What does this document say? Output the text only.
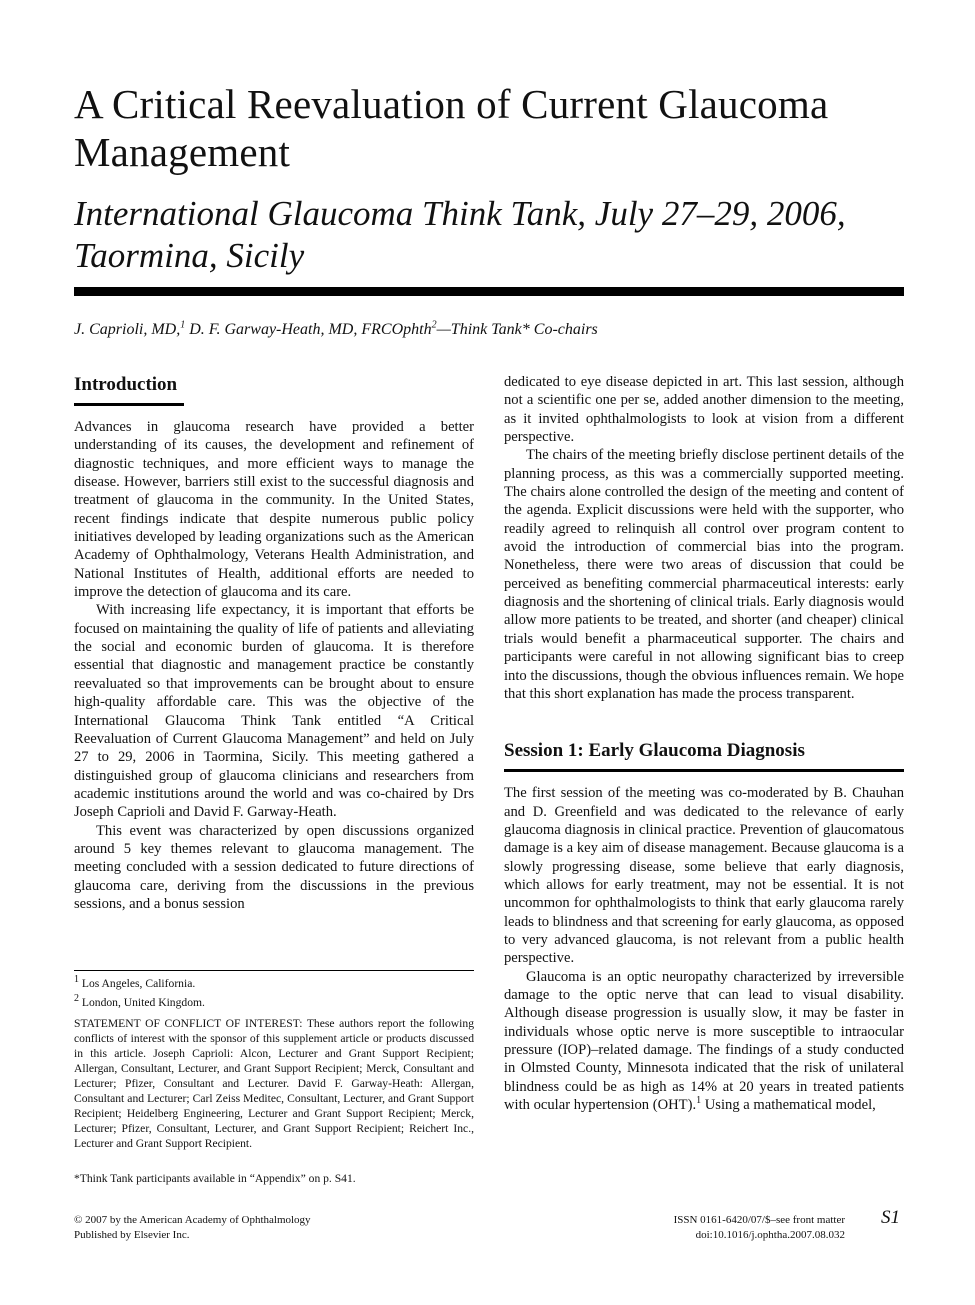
A Critical Reevaluation of Current Glaucoma Management
International Glaucoma Think Tank, July 27–29, 2006, Taormina, Sicily
J. Caprioli, MD,$^1$ D. F. Garway-Heath, MD, FRCOphth$^2$—Think Tank* Co-chairs
Introduction

Advances in glaucoma research have provided a better understanding of its causes, the development and refinement of diagnostic techniques, and more efficient ways to manage the disease. However, barriers still exist to the successful diagnosis and treatment of glaucoma in the community. In the United States, recent findings indicate that despite numerous public policy initiatives developed by leading organizations such as the American Academy of Ophthalmology, Veterans Health Administration, and National Institutes of Health, additional efforts are needed to improve the detection of glaucoma and its care.

With increasing life expectancy, it is important that efforts be focused on maintaining the quality of life of patients and alleviating the social and economic burden of glaucoma. It is therefore essential that diagnostic and management practice be constantly reevaluated so that improvements can be brought about to ensure high-quality affordable care. This was the objective of the International Glaucoma Think Tank entitled “A Critical Reevaluation of Current Glaucoma Management” and held on July 27 to 29, 2006 in Taormina, Sicily. This meeting gathered a distinguished group of glaucoma clinicians and researchers from academic institutions around the world and was co-chaired by Drs Joseph Caprioli and David F. Garway-Heath.

This event was characterized by open discussions organized around 5 key themes relevant to glaucoma management. The meeting concluded with a session dedicated to future directions of glaucoma care, deriving from the discussions in the previous sessions, and a bonus session

$^1$ Los Angeles, California.
$^2$ London, United Kingdom.
STATEMENT OF CONFLICT OF INTEREST: These authors report the following conflicts of interest with the sponsor of this supplement article or products discussed in this article. Joseph Caprioli: Alcon, Lecturer and Grant Support Recipient; Allergan, Consultant, Lecturer, and Grant Support Recipient; Merck, Consultant and Lecturer; Pfizer, Consultant and Lecturer. David F. Garway-Heath: Allergan, Consultant and Lecturer; Carl Zeiss Meditec, Consultant, Lecturer, and Grant Support Recipient; Heidelberg Engineering, Lecturer and Grant Support Recipient; Merck, Lecturer; Pfizer, Consultant, Lecturer, and Grant Support Recipient; Reichert Inc., Lecturer and Grant Support Recipient.
*Think Tank participants available in “Appendix” on p. S41.

dedicated to eye disease depicted in art. This last session, although not a scientific one per se, added another dimension to the meeting, as it invited ophthalmologists to look at vision from a different perspective.

The chairs of the meeting briefly disclose pertinent details of the planning process, as this was a commercially supported meeting. The chairs alone controlled the design of the meeting and content of the agenda. Explicit discussions were held with the supporter, who readily agreed to relinquish all control over program content to avoid the introduction of commercial bias into the program. Nonetheless, there were two areas of discussion that could be perceived as benefiting commercial pharmaceutical interests: early diagnosis and the shortening of clinical trials. Early diagnosis would allow more patients to be treated, and shorter (and cheaper) clinical trials would benefit a pharmaceutical supporter. The chairs and participants were careful in not allowing significant bias to creep into the discussions, though the obvious influences remain. We hope that this short explanation has made the process transparent.

Session 1: Early Glaucoma Diagnosis

The first session of the meeting was co-moderated by B. Chauhan and D. Greenfield and was dedicated to the relevance of early glaucoma diagnosis in clinical practice. Prevention of glaucomatous damage is a key aim of disease management. Because glaucoma is a slowly progressing disease, some believe that early diagnosis, which allows for early treatment, may not be essential. It is not uncommon for ophthalmologists to think that early glaucoma rarely leads to blindness and that screening for early glaucoma, as opposed to very advanced glaucoma, is not relevant from a public health perspective.

Glaucoma is an optic neuropathy characterized by irreversible damage to the optic nerve that can lead to visual disability. Although disease progression is usually slow, it may be faster in individuals whose optic nerve is more susceptible to intraocular pressure (IOP)–related damage. The findings of a study conducted in Olmsted County, Minnesota indicated that the risk of unilateral blindness could be as high as 14% at 20 years in treated patients with ocular hypertension (OHT).$^1$ Using a mathematical model,

© 2007 by the American Academy of Ophthalmology
Published by Elsevier Inc.
ISSN 0161-6420/07/$–see front matter
doi:10.1016/j.ophtha.2007.08.032
S1
